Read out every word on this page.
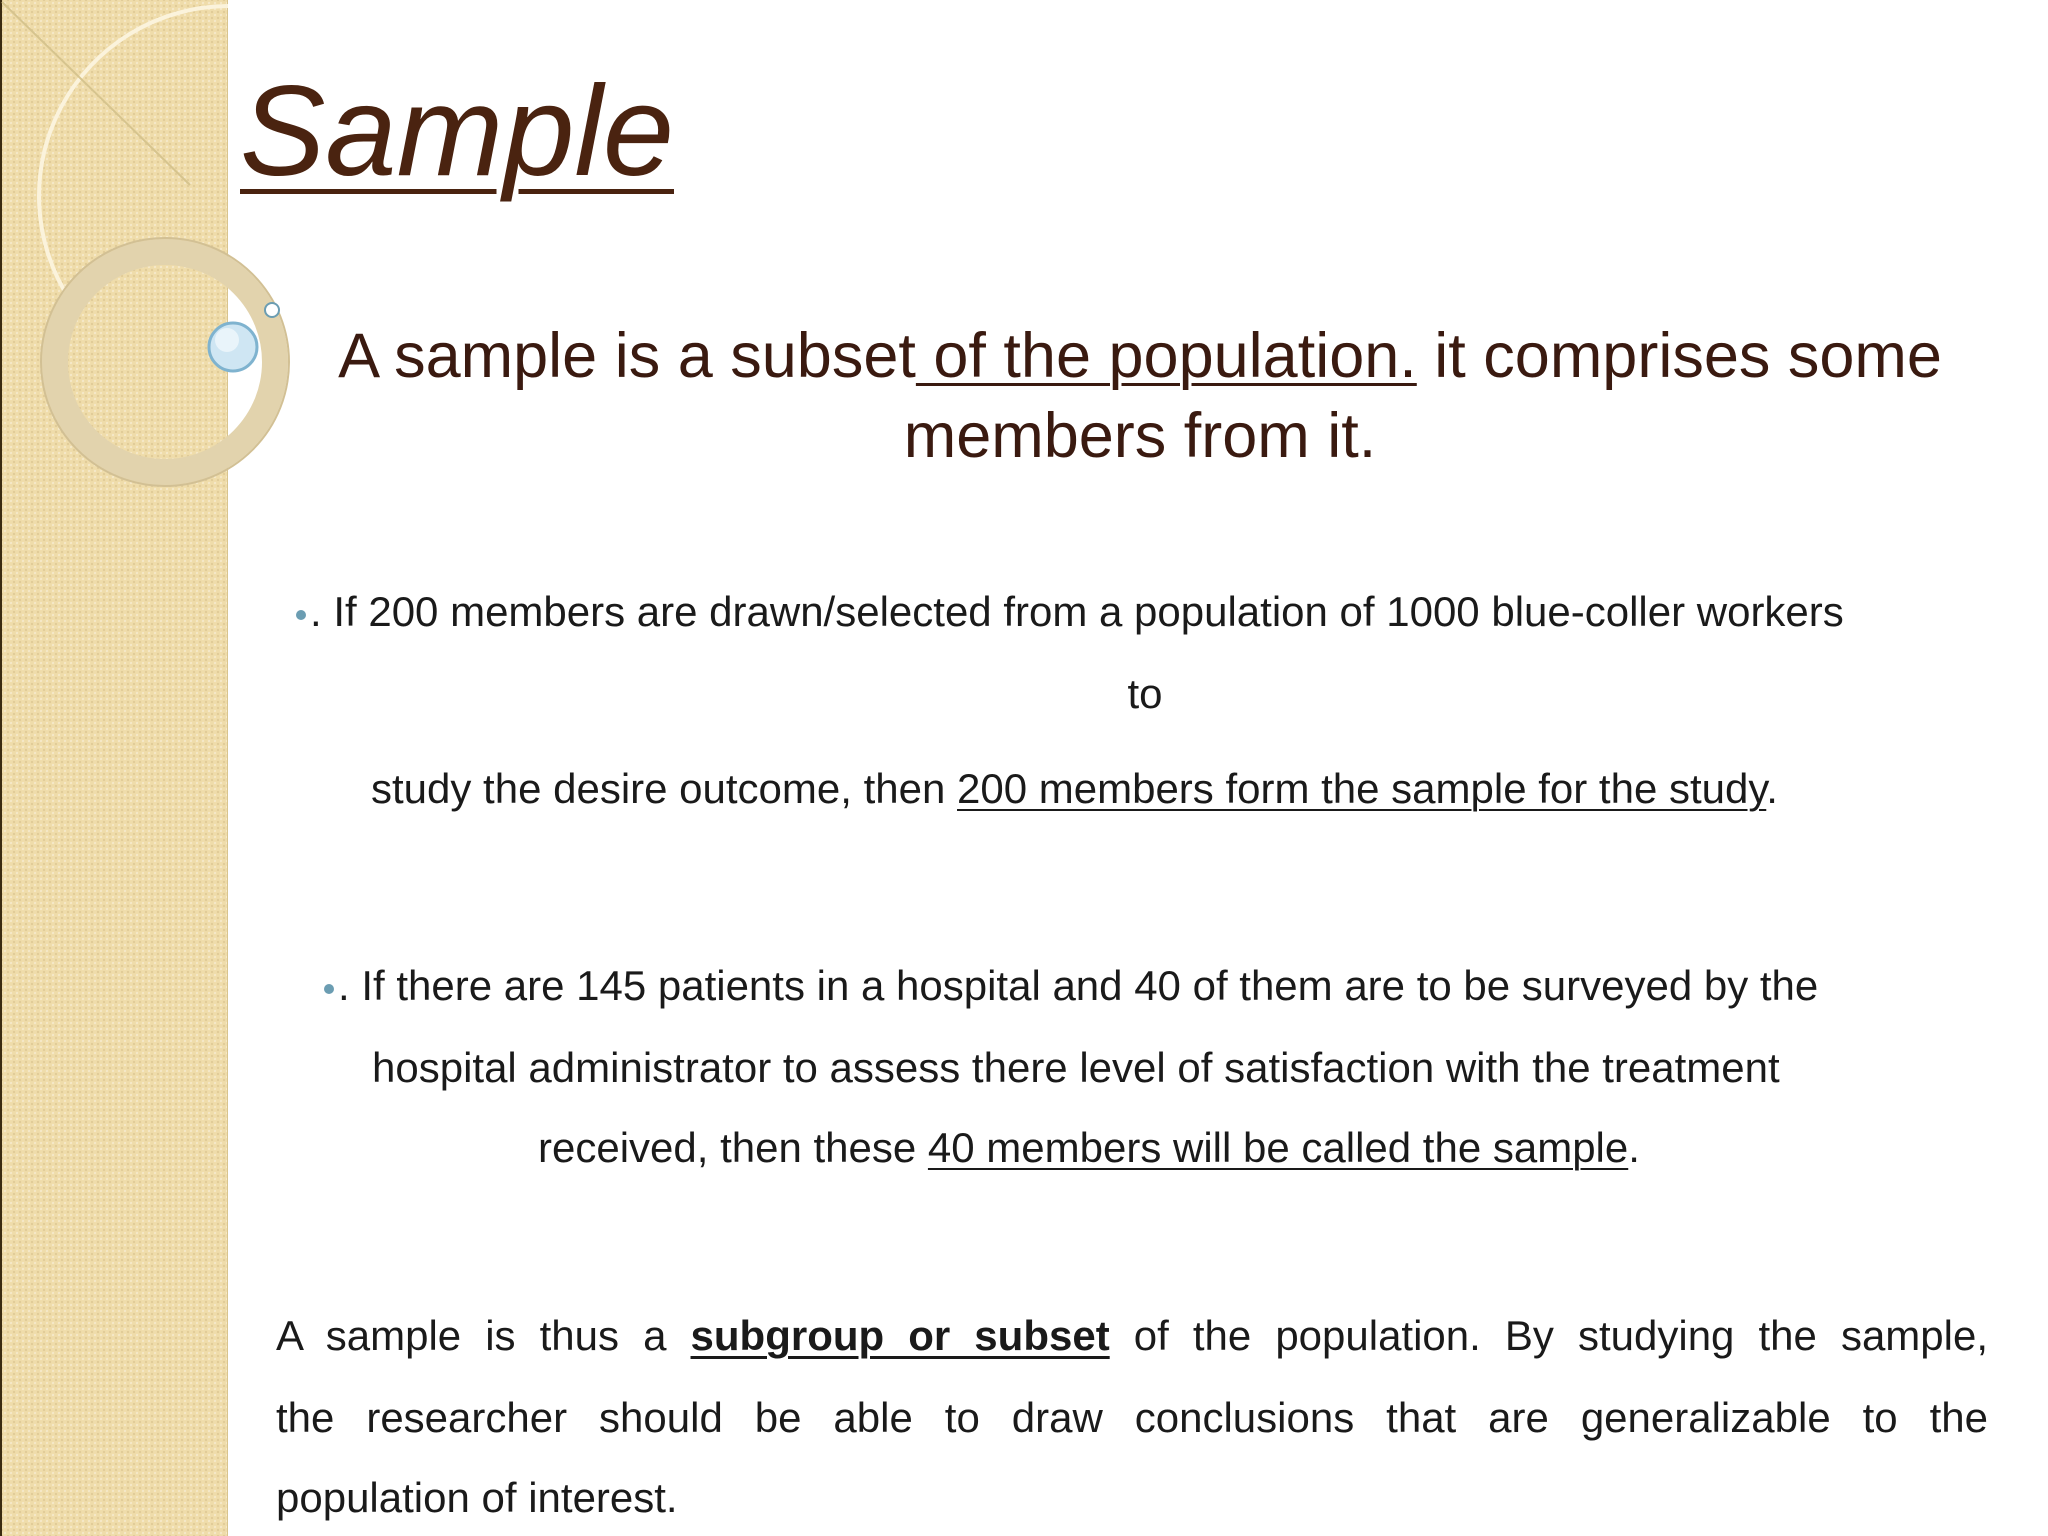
Sample

A sample is a subset of the population. it comprises some members from it.

. If 200 members are drawn/selected from a population of 1000 blue-coller workers

to

study the desire outcome, then 200 members form the sample for the study.

. If there are 145 patients in a hospital and 40 of them are to be surveyed by the

hospital administrator to assess there level of satisfaction with the treatment

received, then these 40 members will be called the sample.

A sample is thus a subgroup or subset of the population. By studying the sample,

the researcher should be able to draw conclusions that are generalizable to the

population of interest.
